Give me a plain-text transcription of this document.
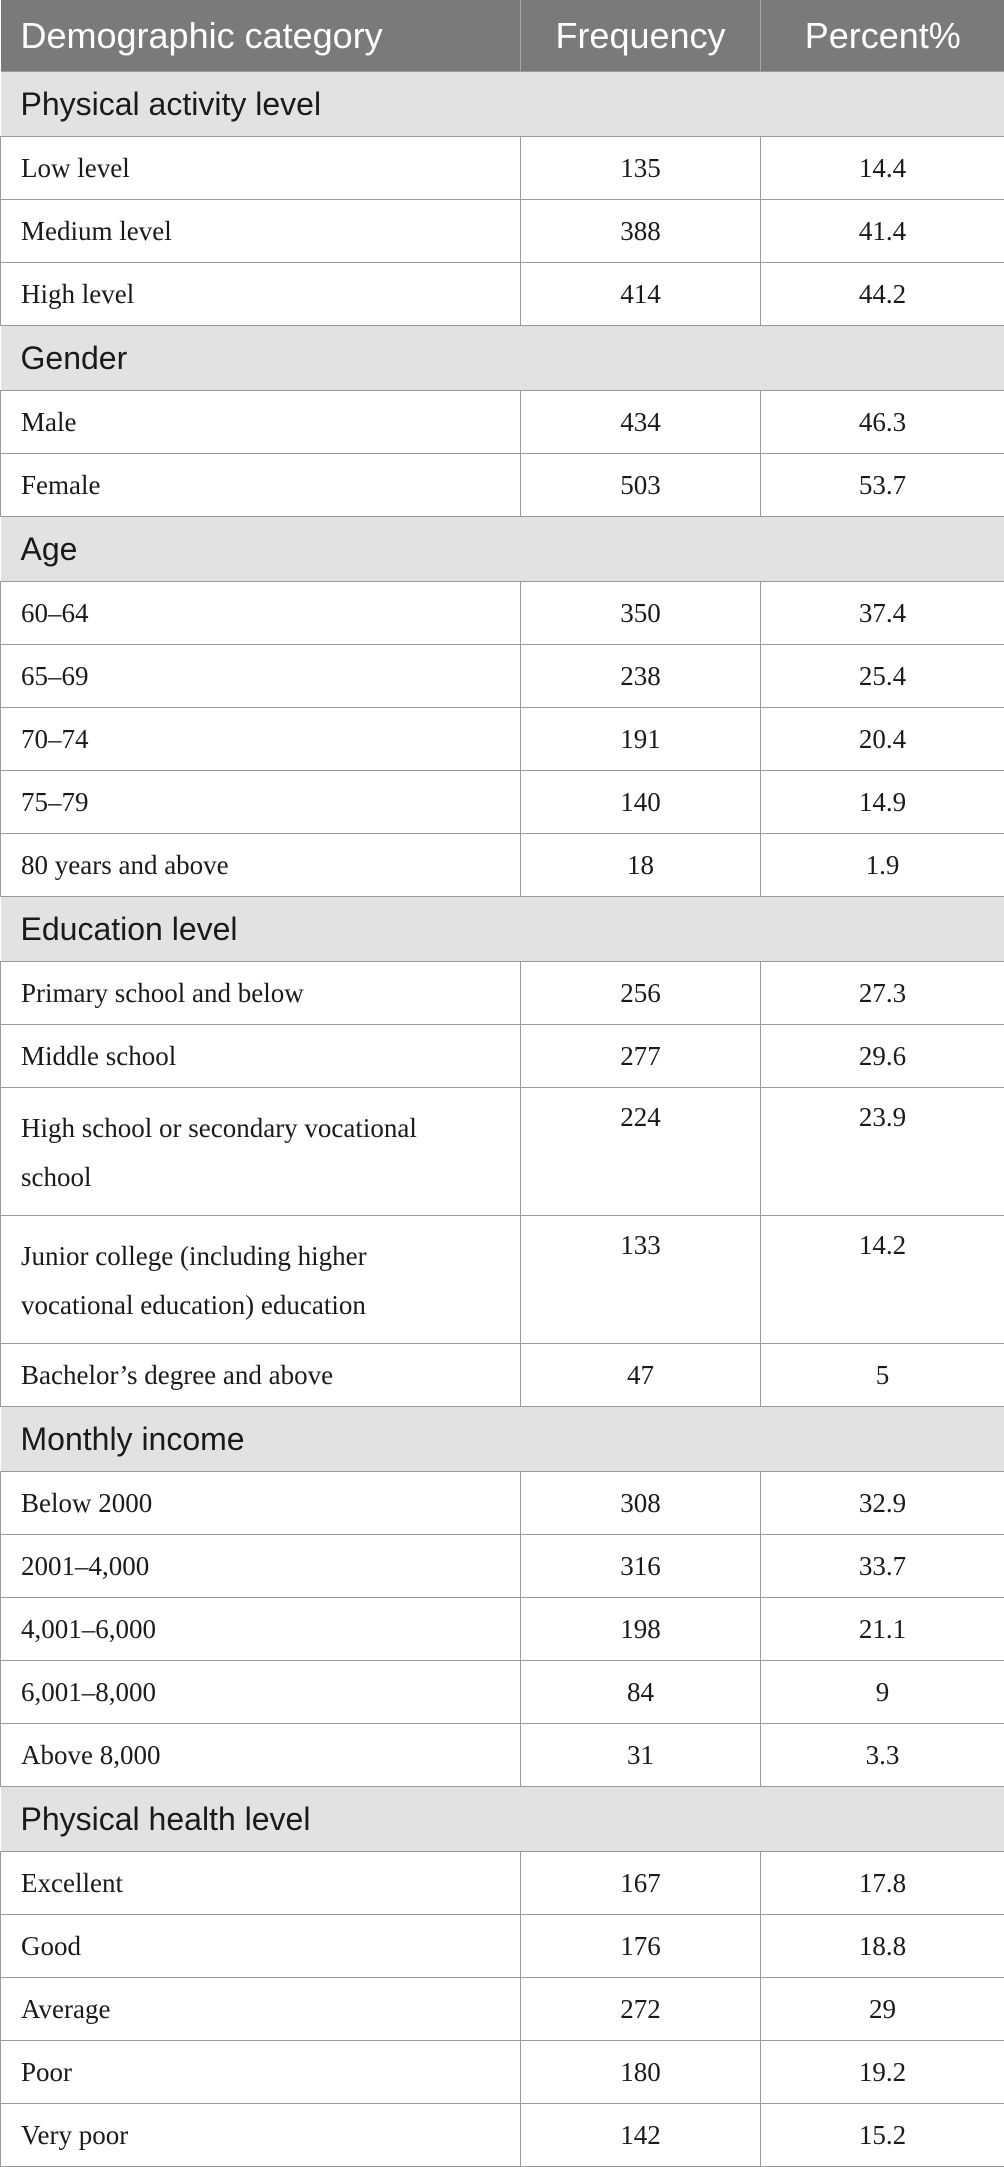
Demographic category	Frequency	Percent%
Physical activity level		
Low level	135	14.4
Medium level	388	41.4
High level	414	44.2
Gender		
Male	434	46.3
Female	503	53.7
Age		
60–64	350	37.4
65–69	238	25.4
70–74	191	20.4
75–79	140	14.9
80 years and above	18	1.9
Education level		
Primary school and below	256	27.3
Middle school	277	29.6
High school or secondary vocational school	224	23.9
Junior college (including higher vocational education) education	133	14.2
Bachelor’s degree and above	47	5
Monthly income		
Below 2000	308	32.9
2001–4,000	316	33.7
4,001–6,000	198	21.1
6,001–8,000	84	9
Above 8,000	31	3.3
Physical health level		
Excellent	167	17.8
Good	176	18.8
Average	272	29
Poor	180	19.2
Very poor	142	15.2
